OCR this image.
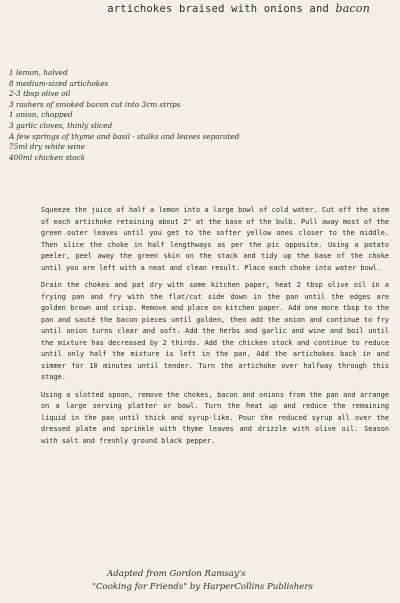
artichokes braised with onions and bacon
1 lemon, halved
8 medium-sized artichokes
2-3 tbsp olive oil
3 rashers of smoked bacon cut into 3cm strips
1 onion, chopped
3 garlic cloves, thinly sliced
A few springs of thyme and basil - stalks and leaves separated
75ml dry white wine
400ml chicken stock

Squeeze the juice of half a lemon into a large bowl of cold water. Cut off the stem of each artichoke retaining about 2" at the base of the bulb. Pull away most of the green outer leaves until you get to the softer yellow ones closer to the middle. Then slice the choke in half lengthways as per the pic opposite. Using a potato peeler, peel away the green skin on the stack and tidy up the base of the choke until you are left with a neat and clean result. Place each choke into water bowl.

Drain the chokes and pat dry with some kitchen paper, heat 2 tbsp olive oil in a frying pan and fry with the flat/cut side down in the pan until the edges are golden brown and crisp. Remove and place on kitchen paper. Add one more tbsp to the pan and sauté the bacon pieces until golden, then add the onion and continue to fry until onion turns clear and soft. Add the herbs and garlic and wine and boil until the mixture has decreased by 2 thirds. Add the chicken stock and continue to reduce until only half the mixture is left in the pan. Add the artichokes back in and simmer for 10 minutes until tender. Turn the artichoke over halfway through this stage.

Using a slotted spoon, remove the chokes, bacon and onions from the pan and arrange on a large serving platter or bowl. Turn the heat up and reduce the remaining liquid in the pan until thick and syrup-like. Pour the reduced syrup all over the dressed plate and sprinkle with thyme leaves and drizzle with olive oil. Season with salt and freshly ground black pepper.

Adapted from Gordon Ramsay's
"Cooking for Friends" by HarperCollins Publishers
